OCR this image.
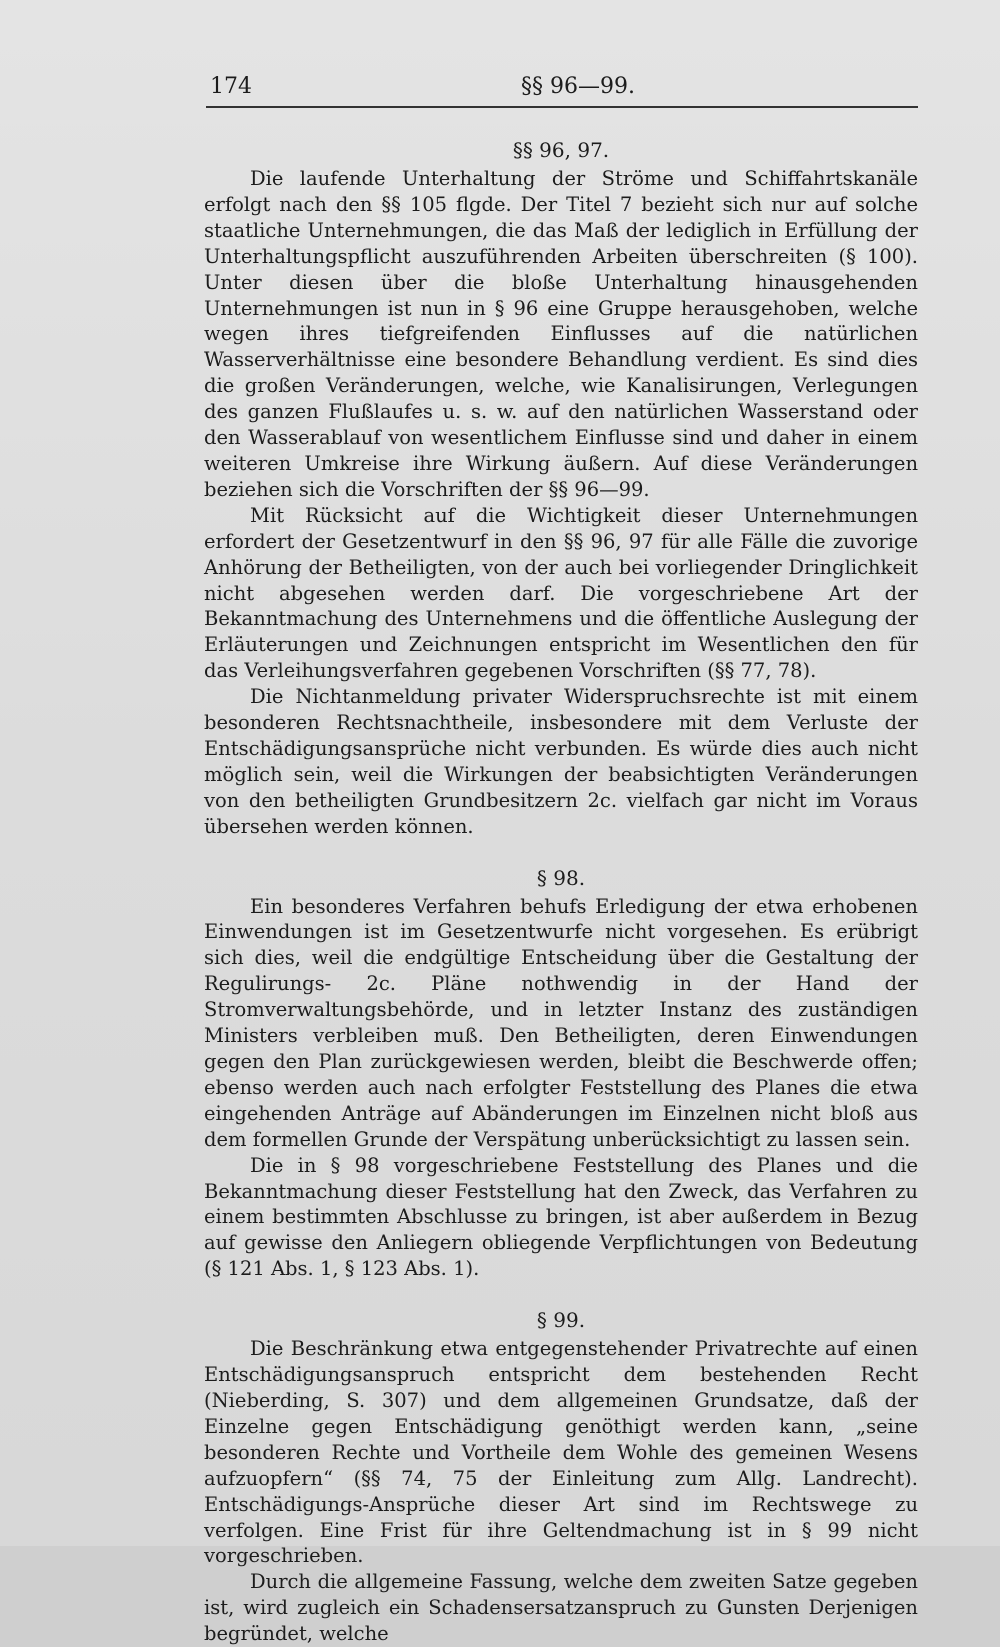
174	§§ 96—99.
§§ 96, 97.

Die laufende Unterhaltung der Ströme und Schiffahrtskanäle erfolgt nach den §§ 105 flgde. Der Titel 7 bezieht sich nur auf solche staatliche Unternehmungen, die das Maß der lediglich in Erfüllung der Unterhaltungspflicht auszuführenden Arbeiten überschreiten (§ 100). Unter diesen über die bloße Unterhaltung hinausgehenden Unternehmungen ist nun in § 96 eine Gruppe herausgehoben, welche wegen ihres tiefgreifenden Einflusses auf die natürlichen Wasserverhältnisse eine besondere Behandlung verdient. Es sind dies die großen Veränderungen, welche, wie Kanalisirungen, Verlegungen des ganzen Flußlaufes u. s. w. auf den natürlichen Wasserstand oder den Wasserablauf von wesentlichem Einflusse sind und daher in einem weiteren Umkreise ihre Wirkung äußern. Auf diese Veränderungen beziehen sich die Vorschriften der §§ 96—99.

Mit Rücksicht auf die Wichtigkeit dieser Unternehmungen erfordert der Gesetzentwurf in den §§ 96, 97 für alle Fälle die zuvorige Anhörung der Betheiligten, von der auch bei vorliegender Dringlichkeit nicht abgesehen werden darf. Die vorgeschriebene Art der Bekanntmachung des Unternehmens und die öffentliche Auslegung der Erläuterungen und Zeichnungen entspricht im Wesentlichen den für das Verleihungsverfahren gegebenen Vorschriften (§§ 77, 78).

Die Nichtanmeldung privater Widerspruchsrechte ist mit einem besonderen Rechtsnachtheile, insbesondere mit dem Verluste der Entschädigungsansprüche nicht verbunden. Es würde dies auch nicht möglich sein, weil die Wirkungen der beabsichtigten Veränderungen von den betheiligten Grundbesitzern 2c. vielfach gar nicht im Voraus übersehen werden können.

§ 98.

Ein besonderes Verfahren behufs Erledigung der etwa erhobenen Einwendungen ist im Gesetzentwurfe nicht vorgesehen. Es erübrigt sich dies, weil die endgültige Entscheidung über die Gestaltung der Regulirungs- 2c. Pläne nothwendig in der Hand der Stromverwaltungsbehörde, und in letzter Instanz des zuständigen Ministers verbleiben muß. Den Betheiligten, deren Einwendungen gegen den Plan zurückgewiesen werden, bleibt die Beschwerde offen; ebenso werden auch nach erfolgter Feststellung des Planes die etwa eingehenden Anträge auf Abänderungen im Einzelnen nicht bloß aus dem formellen Grunde der Verspätung unberücksichtigt zu lassen sein.

Die in § 98 vorgeschriebene Feststellung des Planes und die Bekanntmachung dieser Feststellung hat den Zweck, das Verfahren zu einem bestimmten Abschlusse zu bringen, ist aber außerdem in Bezug auf gewisse den Anliegern obliegende Verpflichtungen von Bedeutung (§ 121 Abs. 1, § 123 Abs. 1).

§ 99.

Die Beschränkung etwa entgegenstehender Privatrechte auf einen Entschädigungsanspruch entspricht dem bestehenden Recht (Nieberding, S. 307) und dem allgemeinen Grundsatze, daß der Einzelne gegen Entschädigung genöthigt werden kann, „seine besonderen Rechte und Vortheile dem Wohle des gemeinen Wesens aufzuopfern“ (§§ 74, 75 der Einleitung zum Allg. Landrecht). Entschädigungs-Ansprüche dieser Art sind im Rechtswege zu verfolgen. Eine Frist für ihre Geltendmachung ist in § 99 nicht vorgeschrieben.

Durch die allgemeine Fassung, welche dem zweiten Satze gegeben ist, wird zugleich ein Schadensersatzanspruch zu Gunsten Derjenigen begründet, welche
